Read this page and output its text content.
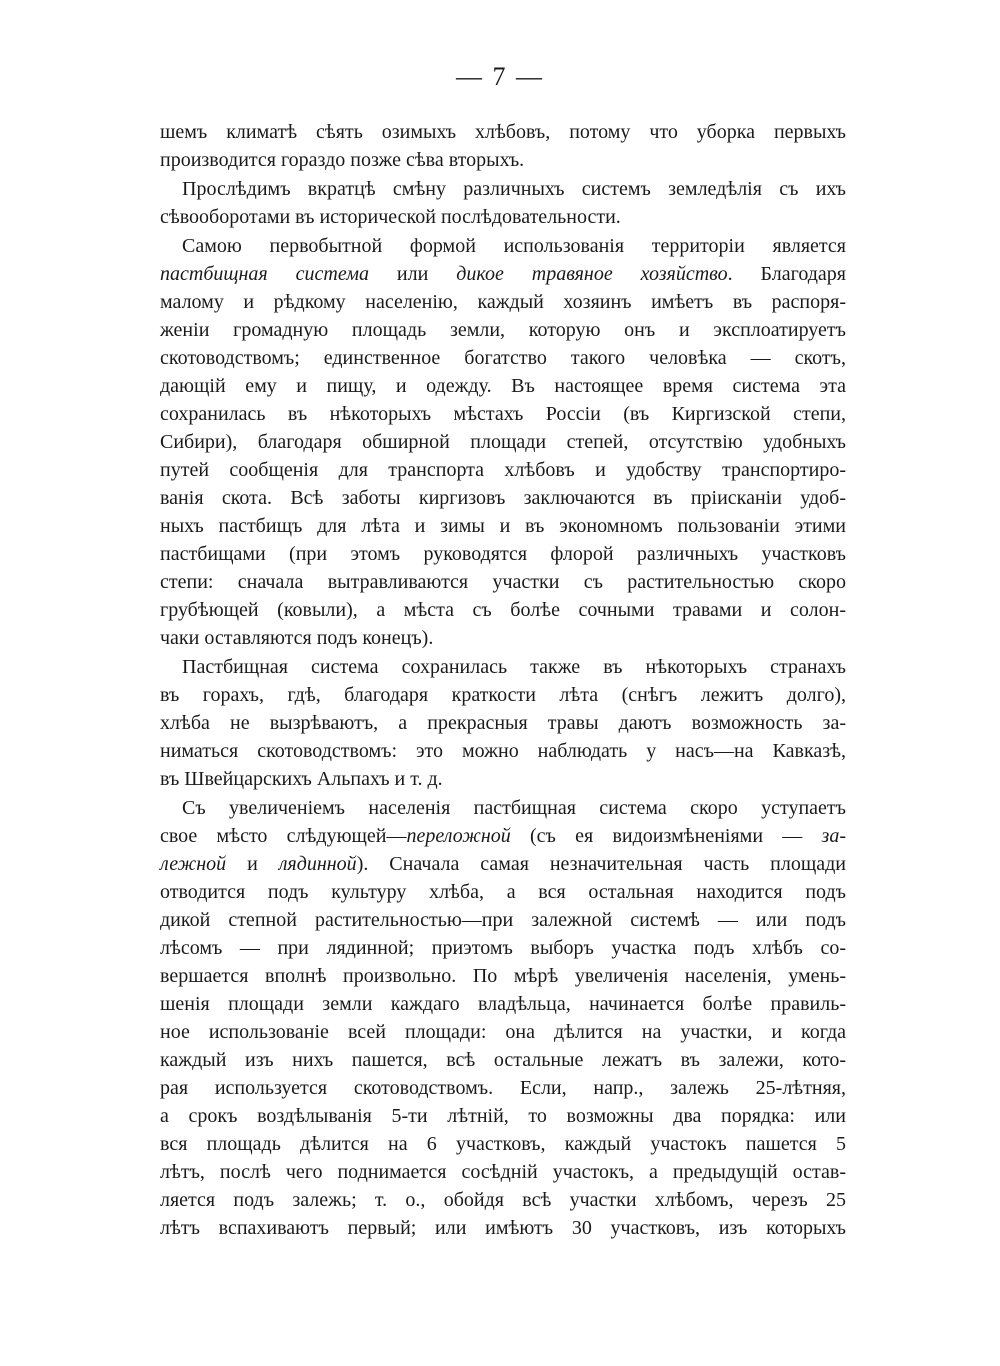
— 7 —
шемъ климатѣ сѣять озимыхъ хлѣбовъ, потому что уборка первыхъ
производится гораздо позже сѣва вторыхъ.
Прослѣдимъ вкратцѣ смѣну различныхъ системъ земледѣлія съ ихъ
сѣвооборотами въ исторической послѣдовательности.
Самою первобытной формой использованія территоріи является
пастбищная система или дикое травяное хозяйство. Благодаря
малому и рѣдкому населенію, каждый хозяинъ имѣетъ въ распоря-
женіи громадную площадь земли, которую онъ и эксплоатируетъ
скотоводствомъ; единственное богатство такого человѣка — скотъ,
дающій ему и пищу, и одежду. Въ настоящее время система эта
сохранилась въ нѣкоторыхъ мѣстахъ Россіи (въ Киргизской степи,
Сибири), благодаря обширной площади степей, отсутствію удобныхъ
путей сообщенія для транспорта хлѣбовъ и удобству транспортиро-
ванія скота. Всѣ заботы киргизовъ заключаются въ пріисканіи удоб-
ныхъ пастбищъ для лѣта и зимы и въ экономномъ пользованіи этими
пастбищами (при этомъ руководятся флорой различныхъ участковъ
степи: сначала вытравливаются участки съ растительностью скоро
грубѣющей (ковыли), а мѣста съ болѣе сочными травами и солон-
чаки оставляются подъ конецъ).
Пастбищная система сохранилась также въ нѣкоторыхъ странахъ
въ горахъ, гдѣ, благодаря краткости лѣта (снѣгъ лежитъ долго),
хлѣба не вызрѣваютъ, а прекрасныя травы даютъ возможность за-
ниматься скотоводствомъ: это можно наблюдать у насъ—на Кавказѣ,
въ Швейцарскихъ Альпахъ и т. д.
Съ увеличеніемъ населенія пастбищная система скоро уступаетъ
свое мѣсто слѣдующей—переложной (съ ея видоизмѣненіями — за-
лежной и лядинной). Сначала самая незначительная часть площади
отводится подъ культуру хлѣба, а вся остальная находится подъ
дикой степной растительностью—при залежной системѣ — или подъ
лѣсомъ — при лядинной; приэтомъ выборъ участка подъ хлѣбъ со-
вершается вполнѣ произвольно. По мѣрѣ увеличенія населенія, умень-
шенія площади земли каждаго владѣльца, начинается болѣе правиль-
ное использованіе всей площади: она дѣлится на участки, и когда
каждый изъ нихъ пашется, всѣ остальные лежатъ въ залежи, кото-
рая используется скотоводствомъ. Если, напр., залежь 25-лѣтняя,
а срокъ воздѣлыванія 5-ти лѣтній, то возможны два порядка: или
вся площадь дѣлится на 6 участковъ, каждый участокъ пашется 5
лѣтъ, послѣ чего поднимается сосѣдній участокъ, а предыдущій остав-
ляется подъ залежь; т. о., обойдя всѣ участки хлѣбомъ, черезъ 25
лѣтъ вспахиваютъ первый; или имѣютъ 30 участковъ, изъ которыхъ
